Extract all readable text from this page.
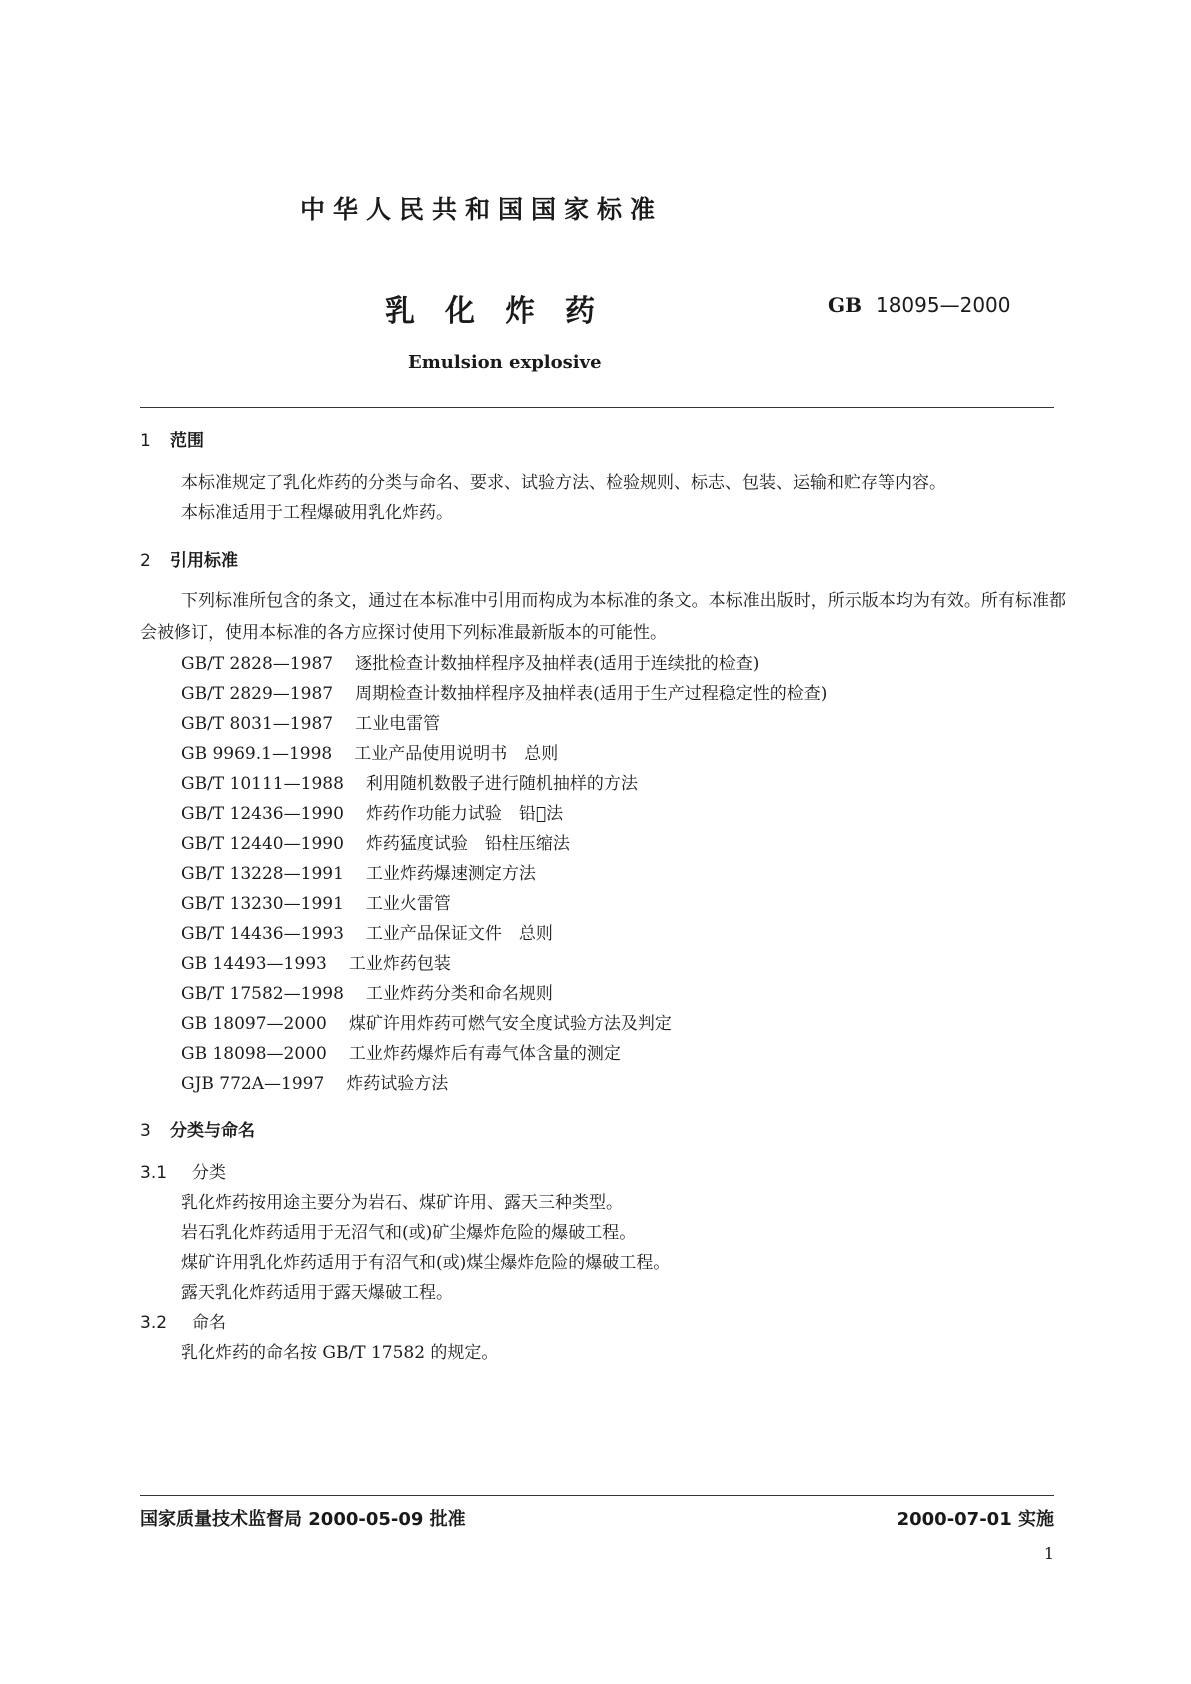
中华人民共和国国家标准
乳化炸药	GB 18095—2000
Emulsion explosive
1 范围
本标准规定了乳化炸药的分类与命名、要求、试验方法、检验规则、标志、包装、运输和贮存等内容。
本标准适用于工程爆破用乳化炸药。
2 引用标准
下列标准所包含的条文，通过在本标准中引用而构成为本标准的条文。本标准出版时，所示版本均为有效。所有标准都会被修订，使用本标准的各方应探讨使用下列标准最新版本的可能性。
GB/T 2828—1987 逐批检查计数抽样程序及抽样表(适用于连续批的检查)
GB/T 2829—1987 周期检查计数抽样程序及抽样表(适用于生产过程稳定性的检查)
GB/T 8031—1987 工业电雷管
GB 9969.1—1998 工业产品使用说明书　总则
GB/T 10111—1988 利用随机数骰子进行随机抽样的方法
GB/T 12436—1990 炸药作功能力试验　铅𡋟法
GB/T 12440—1990 炸药猛度试验　铅柱压缩法
GB/T 13228—1991 工业炸药爆速测定方法
GB/T 13230—1991 工业火雷管
GB/T 14436—1993 工业产品保证文件　总则
GB 14493—1993 工业炸药包装
GB/T 17582—1998 工业炸药分类和命名规则
GB 18097—2000 煤矿许用炸药可燃气安全度试验方法及判定
GB 18098—2000 工业炸药爆炸后有毒气体含量的测定
GJB 772A—1997 炸药试验方法
3 分类与命名
3.1 分类
乳化炸药按用途主要分为岩石、煤矿许用、露天三种类型。
岩石乳化炸药适用于无沼气和(或)矿尘爆炸危险的爆破工程。
煤矿许用乳化炸药适用于有沼气和(或)煤尘爆炸危险的爆破工程。
露天乳化炸药适用于露天爆破工程。
3.2 命名
乳化炸药的命名按 GB/T 17582 的规定。
国家质量技术监督局 2000-05-09 批准	2000-07-01 实施
1
